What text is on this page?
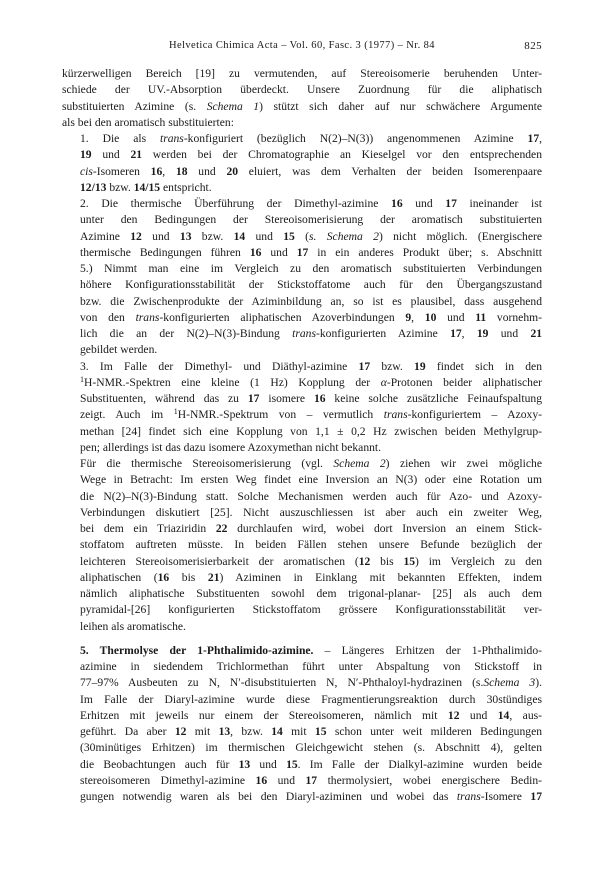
Helvetica Chimica Acta – Vol. 60, Fasc. 3 (1977) – Nr. 84	825

kürzerwelligen Bereich [19] zu vermutenden, auf Stereoisomerie beruhenden Unter-
schiede der UV.-Absorption überdeckt. Unsere Zuordnung für die aliphatisch
substituierten Azimine (s. Schema 1) stützt sich daher auf nur schwächere Argumente
als bei den aromatisch substituierten:

1. Die als trans-konfiguriert (bezüglich N(2)–N(3)) angenommenen Azimine 17,
19 und 21 werden bei der Chromatographie an Kieselgel vor den entsprechenden
cis-Isomeren 16, 18 und 20 eluiert, was dem Verhalten der beiden Isomerenpaare
12/13 bzw. 14/15 entspricht.

2. Die thermische Überführung der Dimethyl-azimine 16 und 17 ineinander ist
unter den Bedingungen der Stereoisomerisierung der aromatisch substituierten
Azimine 12 und 13 bzw. 14 und 15 (s. Schema 2) nicht möglich. (Energischere
thermische Bedingungen führen 16 und 17 in ein anderes Produkt über; s. Abschnitt
5.) Nimmt man eine im Vergleich zu den aromatisch substituierten Verbindungen
höhere Konfigurationsstabilität der Stickstoffatome auch für den Übergangszustand
bzw. die Zwischenprodukte der Aziminbildung an, so ist es plausibel, dass ausgehend
von den trans-konfigurierten aliphatischen Azoverbindungen 9, 10 und 11 vornehm-
lich die an der N(2)–N(3)-Bindung trans-konfigurierten Azimine 17, 19 und 21
gebildet werden.

3. Im Falle der Dimethyl- und Diäthyl-azimine 17 bzw. 19 findet sich in den
$^1$H-NMR.-Spektren eine kleine (1 Hz) Kopplung der α-Protonen beider aliphatischer
Substituenten, während das zu 17 isomere 16 keine solche zusätzliche Feinaufspaltung
zeigt. Auch im $^1$H-NMR.-Spektrum von – vermutlich trans-konfiguriertem – Azoxy-
methan [24] findet sich eine Kopplung von 1,1 ± 0,2 Hz zwischen beiden Methylgrup-
pen; allerdings ist das dazu isomere Azoxymethan nicht bekannt.

Für die thermische Stereoisomerisierung (vgl. Schema 2) ziehen wir zwei mögliche
Wege in Betracht: Im ersten Weg findet eine Inversion an N(3) oder eine Rotation um
die N(2)–N(3)-Bindung statt. Solche Mechanismen werden auch für Azo- und Azoxy-
Verbindungen diskutiert [25]. Nicht auszuschliessen ist aber auch ein zweiter Weg,
bei dem ein Triaziridin 22 durchlaufen wird, wobei dort Inversion an einem Stick-
stoffatom auftreten müsste. In beiden Fällen stehen unsere Befunde bezüglich der
leichteren Stereoisomerisierbarkeit der aromatischen (12 bis 15) im Vergleich zu den
aliphatischen (16 bis 21) Aziminen in Einklang mit bekannten Effekten, indem
nämlich aliphatische Substituenten sowohl dem trigonal-planar- [25] als auch dem
pyramidal-[26] konfigurierten Stickstoffatom grössere Konfigurationsstabilität ver-
leihen als aromatische.

5. Thermolyse der 1-Phthalimido-azimine. – Längeres Erhitzen der 1-Phthalimido-
azimine in siedendem Trichlormethan führt unter Abspaltung von Stickstoff in
77–97% Ausbeuten zu N, N′-disubstituierten N, N′-Phthaloyl-hydrazinen (s.Schema 3).
Im Falle der Diaryl-azimine wurde diese Fragmentierungsreaktion durch 30stündiges
Erhitzen mit jeweils nur einem der Stereoisomeren, nämlich mit 12 und 14, aus-
geführt. Da aber 12 mit 13, bzw. 14 mit 15 schon unter weit milderen Bedingungen
(30minütiges Erhitzen) im thermischen Gleichgewicht stehen (s. Abschnitt 4), gelten
die Beobachtungen auch für 13 und 15. Im Falle der Dialkyl-azimine wurden beide
stereoisomeren Dimethyl-azimine 16 und 17 thermolysiert, wobei energischere Bedin-
gungen notwendig waren als bei den Diaryl-aziminen und wobei das trans-Isomere 17
